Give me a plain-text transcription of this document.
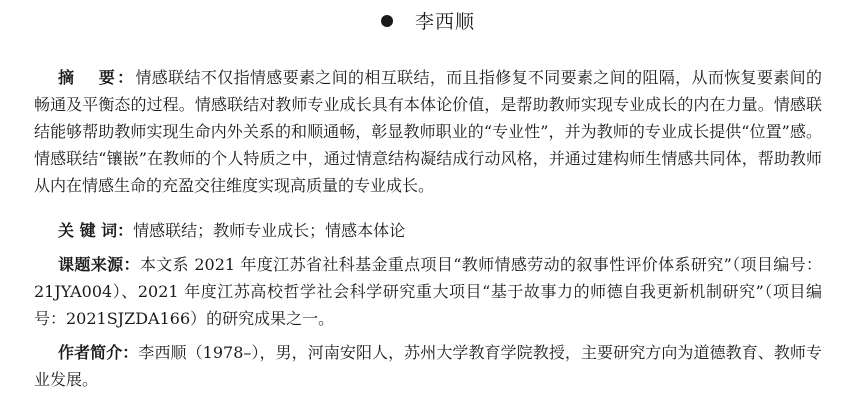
李西顺

摘 要：情感联结不仅指情感要素之间的相互联结，而且指修复不同要素之间的阻隔，从而恢复要素间的畅通及平衡态的过程。情感联结对教师专业成长具有本体论价值，是帮助教师实现专业成长的内在力量。情感联结能够帮助教师实现生命内外关系的和顺通畅，彰显教师职业的“专业性”，并为教师的专业成长提供“位置”感。情感联结“镶嵌”在教师的个人特质之中，通过情意结构凝结成行动风格，并通过建构师生情感共同体，帮助教师从内在情感生命的充盈交往维度实现高质量的专业成长。

关 键 词：情感联结；教师专业成长；情感本体论

课题来源：本文系 2021 年度江苏省社科基金重点项目“教师情感劳动的叙事性评价体系研究”（项目编号：21JYA004）、2021 年度江苏高校哲学社会科学研究重大项目“基于故事力的师德自我更新机制研究”（项目编号：2021SJZDA166）的研究成果之一。

作者简介：李西顺（1978–），男，河南安阳人，苏州大学教育学院教授，主要研究方向为道德教育、教师专业发展。
